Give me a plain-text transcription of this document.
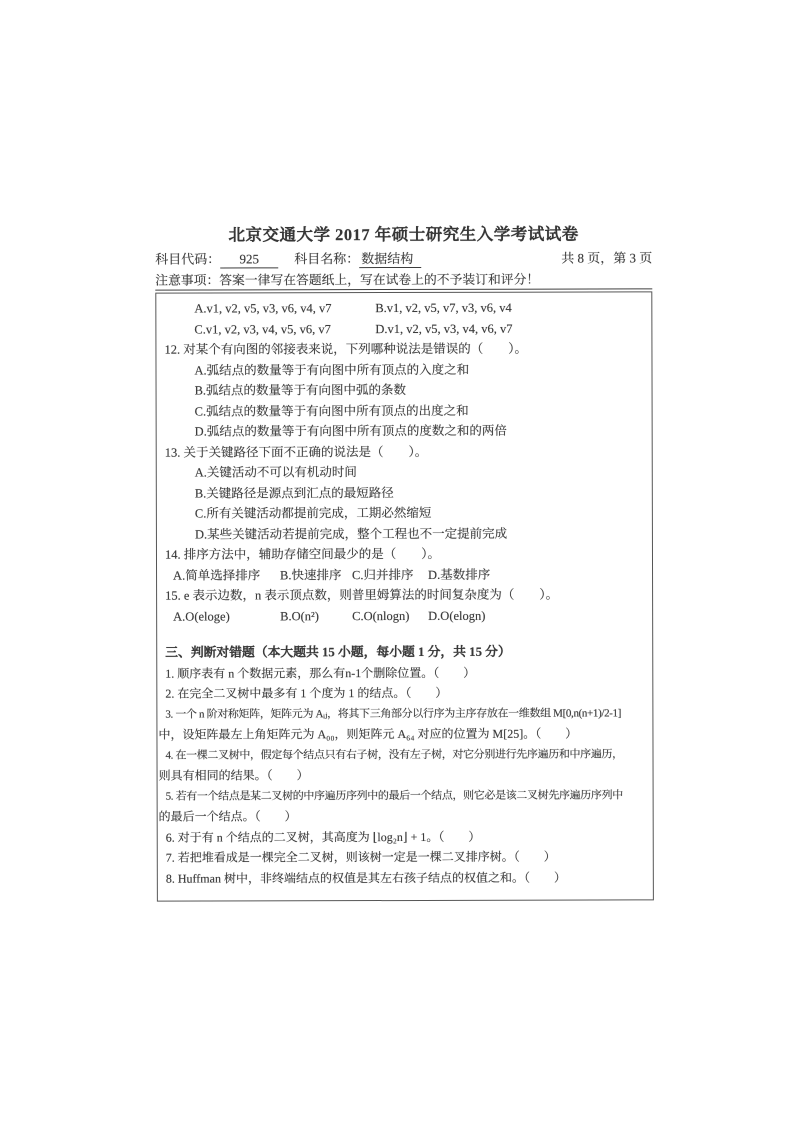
北京交通大学 2017 年硕士研究生入学考试试卷
科目代码：	925	科目名称： 数据结构	共 8 页，第 3 页
注意事项：答案一律写在答题纸上，写在试卷上的不予装订和评分！
A.v1, v2, v5, v3, v6, v4, v7	B.v1, v2, v5, v7, v3, v6, v4
C.v1, v2, v3, v4, v5, v6, v7	D.v1, v2, v5, v3, v4, v6, v7
12. 对某个有向图的邻接表来说，下列哪种说法是错误的（　　）。
A.弧结点的数量等于有向图中所有顶点的入度之和
B.弧结点的数量等于有向图中弧的条数
C.弧结点的数量等于有向图中所有顶点的出度之和
D.弧结点的数量等于有向图中所有顶点的度数之和的两倍
13. 关于关键路径下面不正确的说法是（　　）。
A.关键活动不可以有机动时间
B.关键路径是源点到汇点的最短路径
C.所有关键活动都提前完成，工期必然缩短
D.某些关键活动若提前完成，整个工程也不一定提前完成
14. 排序方法中，辅助存储空间最少的是（　　）。
A.简单选择排序 B.快速排序 C.归并排序 D.基数排序
15. e 表示边数，n 表示顶点数，则普里姆算法的时间复杂度为（　　）。
A.O(eloge)	B.O(n²)	C.O(nlogn) D.O(elogn)
三、判断对错题（本大题共 15 小题，每小题 1 分，共 15 分）
1. 顺序表有 n 个数据元素，那么有n-1个删除位置。（　　）
2. 在完全二叉树中最多有 1 个度为 1 的结点。（　　）
3. 一个 n 阶对称矩阵，矩阵元为 Aᵢⱼ，将其下三角部分以行序为主序存放在一维数组 M[0,n(n+1)/2-1]
中，设矩阵最左上角矩阵元为 A₀₀，则矩阵元 A₆₄ 对应的位置为 M[25]。（　　）
4. 在一棵二叉树中，假定每个结点只有右子树，没有左子树，对它分别进行先序遍历和中序遍历，
则具有相同的结果。（　　）
5. 若有一个结点是某二叉树的中序遍历序列中的最后一个结点，则它必是该二叉树先序遍历序列中
的最后一个结点。（　　）
6. 对于有 n 个结点的二叉树，其高度为 ⌊log₂n⌋ + 1。（　　）
7. 若把堆看成是一棵完全二叉树，则该树一定是一棵二叉排序树。（　　）
8. Huffman 树中，非终端结点的权值是其左右孩子结点的权值之和。（　　）
